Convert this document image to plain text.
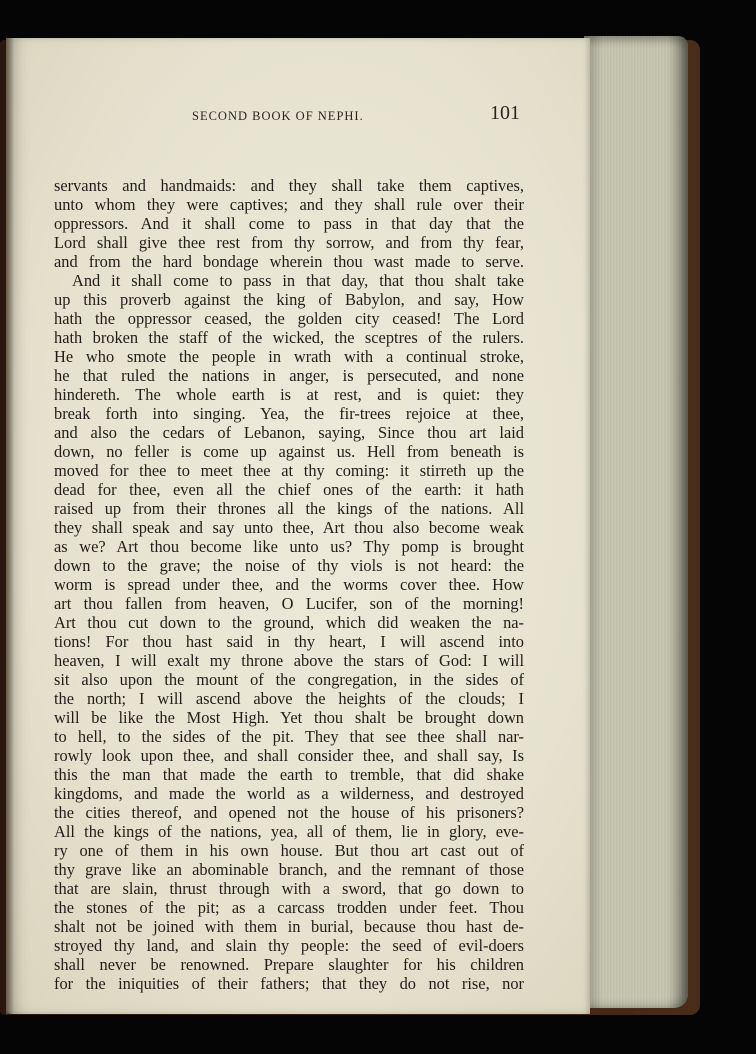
SECOND BOOK OF NEPHI.	101
servants and handmaids: and they shall take them captives,
unto whom they were captives; and they shall rule over their
oppressors. And it shall come to pass in that day that the
Lord shall give thee rest from thy sorrow, and from thy fear,
and from the hard bondage wherein thou wast made to serve.
And it shall come to pass in that day, that thou shalt take
up this proverb against the king of Babylon, and say, How
hath the oppressor ceased, the golden city ceased! The Lord
hath broken the staff of the wicked, the sceptres of the rulers.
He who smote the people in wrath with a continual stroke,
he that ruled the nations in anger, is persecuted, and none
hindereth. The whole earth is at rest, and is quiet: they
break forth into singing. Yea, the fir-trees rejoice at thee,
and also the cedars of Lebanon, saying, Since thou art laid
down, no feller is come up against us. Hell from beneath is
moved for thee to meet thee at thy coming: it stirreth up the
dead for thee, even all the chief ones of the earth: it hath
raised up from their thrones all the kings of the nations. All
they shall speak and say unto thee, Art thou also become weak
as we? Art thou become like unto us? Thy pomp is brought
down to the grave; the noise of thy viols is not heard: the
worm is spread under thee, and the worms cover thee. How
art thou fallen from heaven, O Lucifer, son of the morning!
Art thou cut down to the ground, which did weaken the na-
tions! For thou hast said in thy heart, I will ascend into
heaven, I will exalt my throne above the stars of God: I will
sit also upon the mount of the congregation, in the sides of
the north; I will ascend above the heights of the clouds; I
will be like the Most High. Yet thou shalt be brought down
to hell, to the sides of the pit. They that see thee shall nar-
rowly look upon thee, and shall consider thee, and shall say, Is
this the man that made the earth to tremble, that did shake
kingdoms, and made the world as a wilderness, and destroyed
the cities thereof, and opened not the house of his prisoners?
All the kings of the nations, yea, all of them, lie in glory, eve-
ry one of them in his own house. But thou art cast out of
thy grave like an abominable branch, and the remnant of those
that are slain, thrust through with a sword, that go down to
the stones of the pit; as a carcass trodden under feet. Thou
shalt not be joined with them in burial, because thou hast de-
stroyed thy land, and slain thy people: the seed of evil-doers
shall never be renowned. Prepare slaughter for his children
for the iniquities of their fathers; that they do not rise, nor
